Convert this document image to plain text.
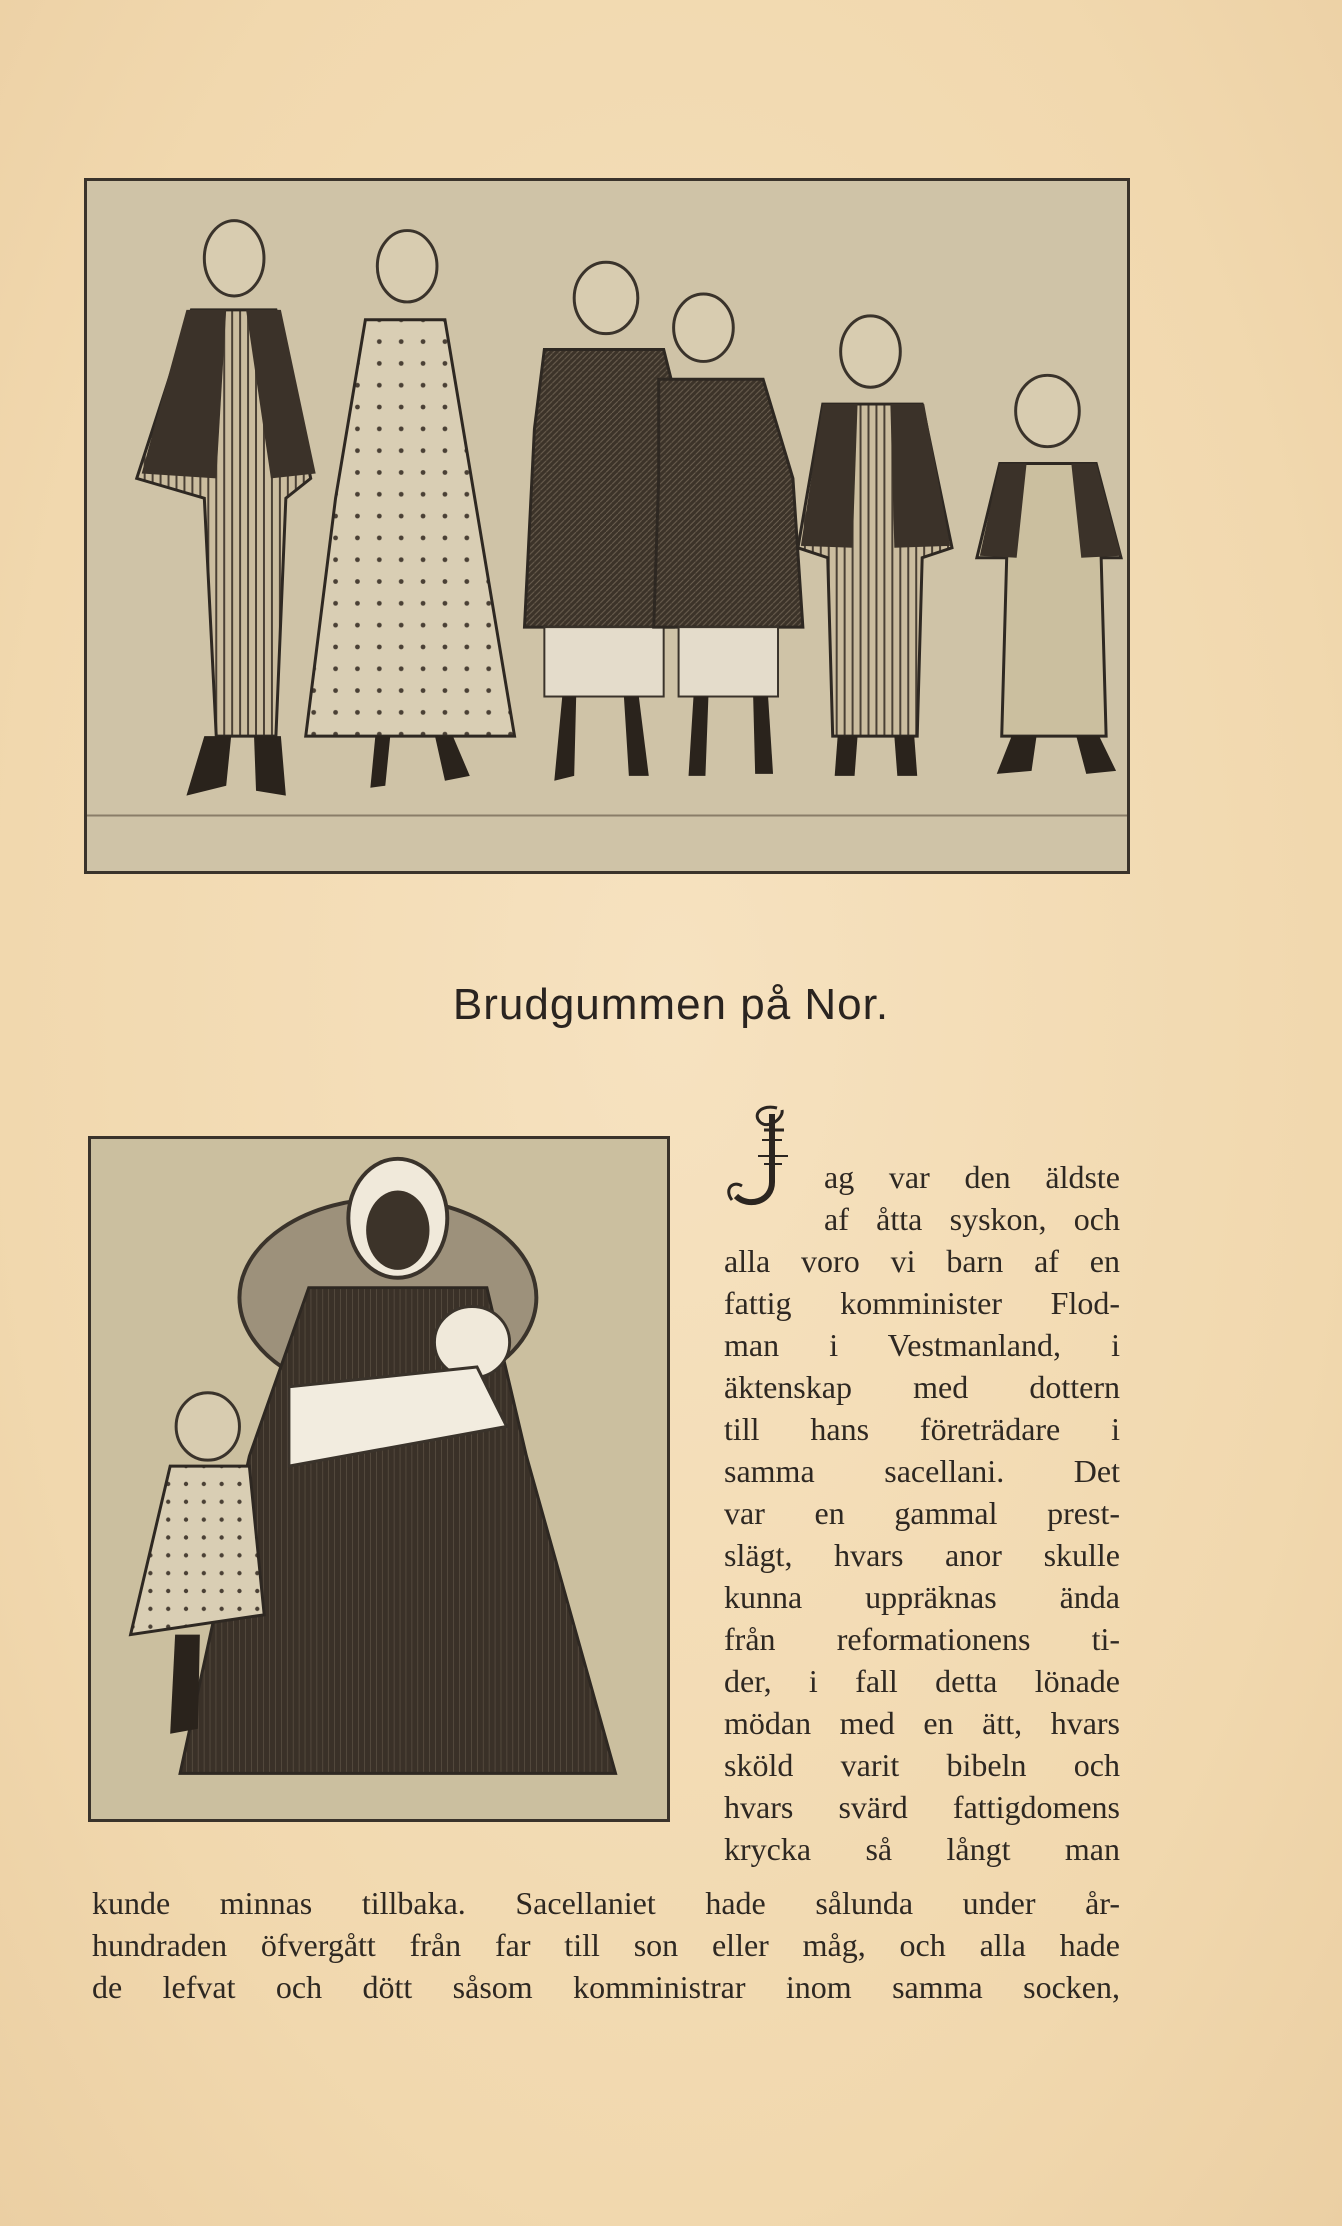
Brudgummen på Nor.
ag var den äldste
af åtta syskon, och
alla voro vi barn af en
fattig komminister Flod-
man i Vestmanland, i
äktenskap med dottern
till hans företrädare i
samma sacellani. Det
var en gammal prest-
slägt, hvars anor skulle
kunna uppräknas ända
från reformationens ti-
der, i fall detta lönade
mödan med en ätt, hvars
sköld varit bibeln och
hvars svärd fattigdomens
krycka så långt man
kunde minnas tillbaka. Sacellaniet hade sålunda under år-
hundraden öfvergått från far till son eller måg, och alla hade
de lefvat och dött såsom komministrar inom samma socken,
